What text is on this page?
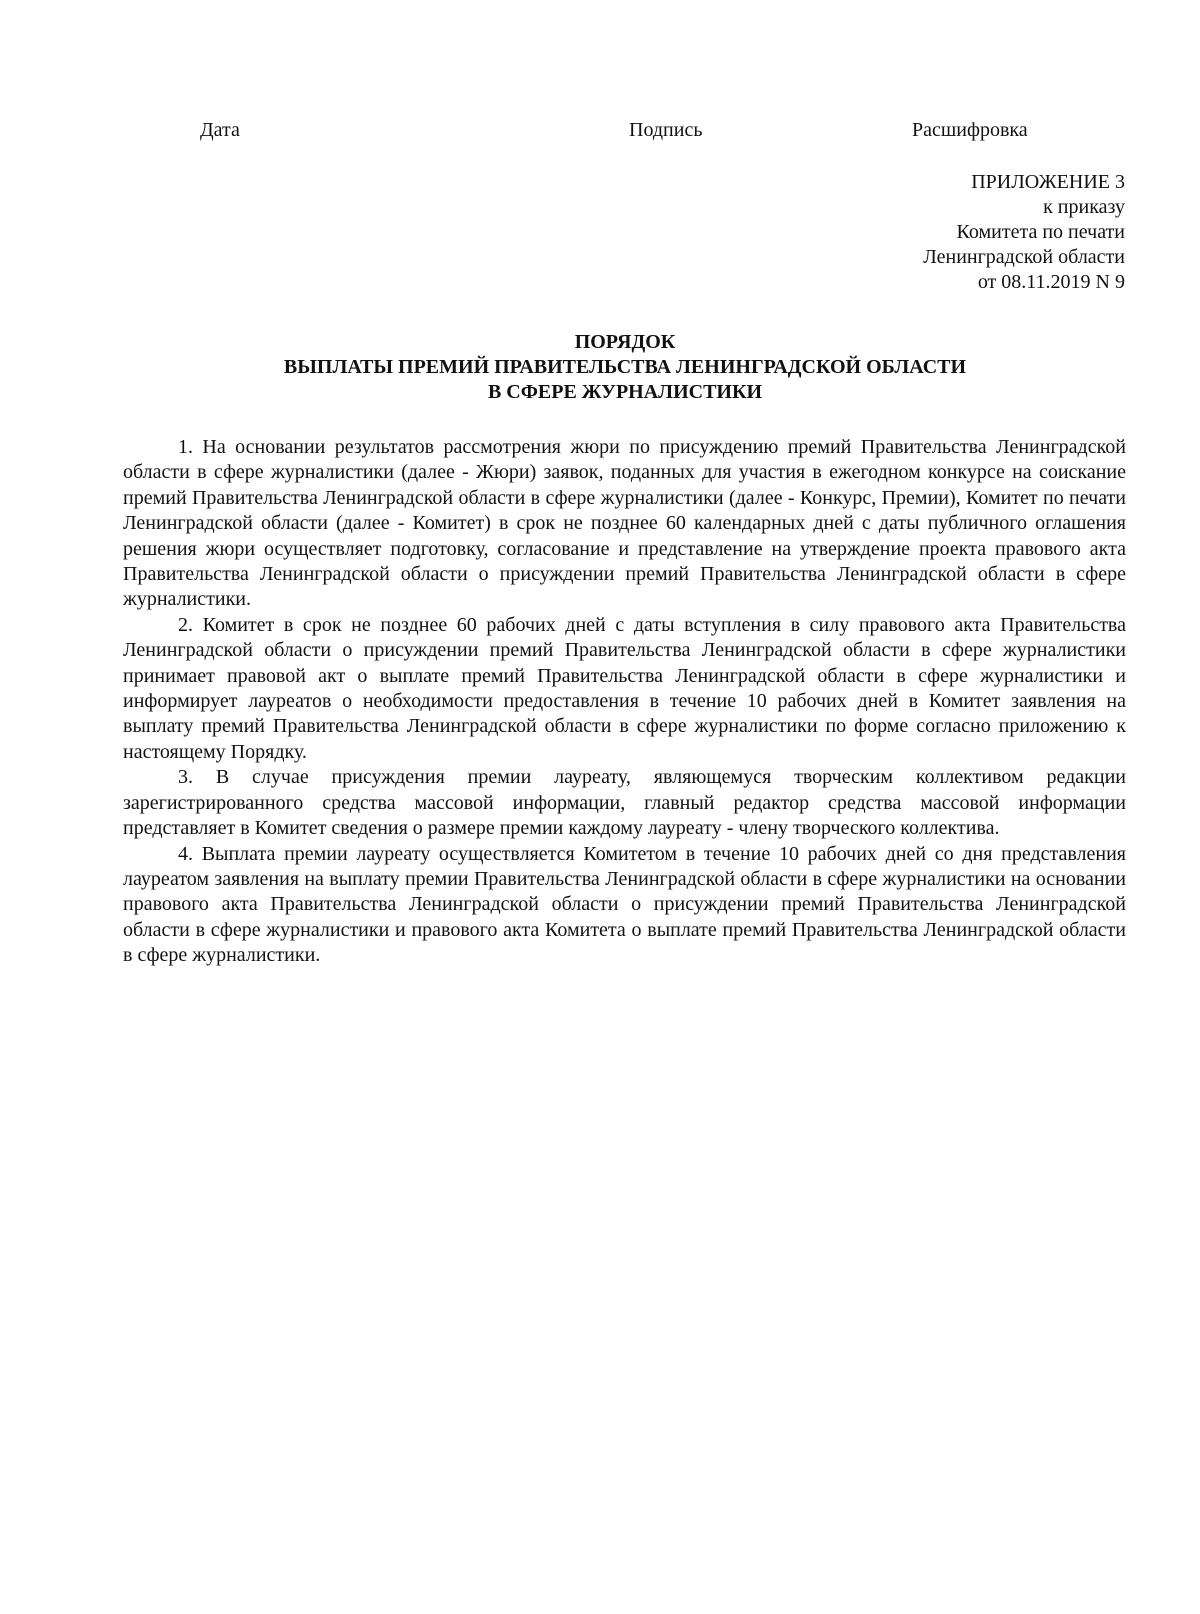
Дата	Подпись	Расшифровка
ПРИЛОЖЕНИЕ 3
к приказу
Комитета по печати
Ленинградской области
от 08.11.2019 N 9
ПОРЯДОК
ВЫПЛАТЫ ПРЕМИЙ ПРАВИТЕЛЬСТВА ЛЕНИНГРАДСКОЙ ОБЛАСТИ
В СФЕРЕ ЖУРНАЛИСТИКИ

1. На основании результатов рассмотрения жюри по присуждению премий Правительства Ленинградской области в сфере журналистики (далее - Жюри) заявок, поданных для участия в ежегодном конкурсе на соискание премий Правительства Ленинградской области в сфере журналистики (далее - Конкурс, Премии), Комитет по печати Ленинградской области (далее - Комитет) в срок не позднее 60 календарных дней с даты публичного оглашения решения жюри осуществляет подготовку, согласование и представление на утверждение проекта правового акта Правительства Ленинградской области о присуждении премий Правительства Ленинградской области в сфере журналистики.

2. Комитет в срок не позднее 60 рабочих дней с даты вступления в силу правового акта Правительства Ленинградской области о присуждении премий Правительства Ленинградской области в сфере журналистики принимает правовой акт о выплате премий Правительства Ленинградской области в сфере журналистики и информирует лауреатов о необходимости предоставления в течение 10 рабочих дней в Комитет заявления на выплату премий Правительства Ленинградской области в сфере журналистики по форме согласно приложению к настоящему Порядку.

3. В случае присуждения премии лауреату, являющемуся творческим коллективом редакции зарегистрированного средства массовой информации, главный редактор средства массовой информации представляет в Комитет сведения о размере премии каждому лауреату - члену творческого коллектива.

4. Выплата премии лауреату осуществляется Комитетом в течение 10 рабочих дней со дня представления лауреатом заявления на выплату премии Правительства Ленинградской области в сфере журналистики на основании правового акта Правительства Ленинградской области о присуждении премий Правительства Ленинградской области в сфере журналистики и правового акта Комитета о выплате премий Правительства Ленинградской области в сфере журналистики.
